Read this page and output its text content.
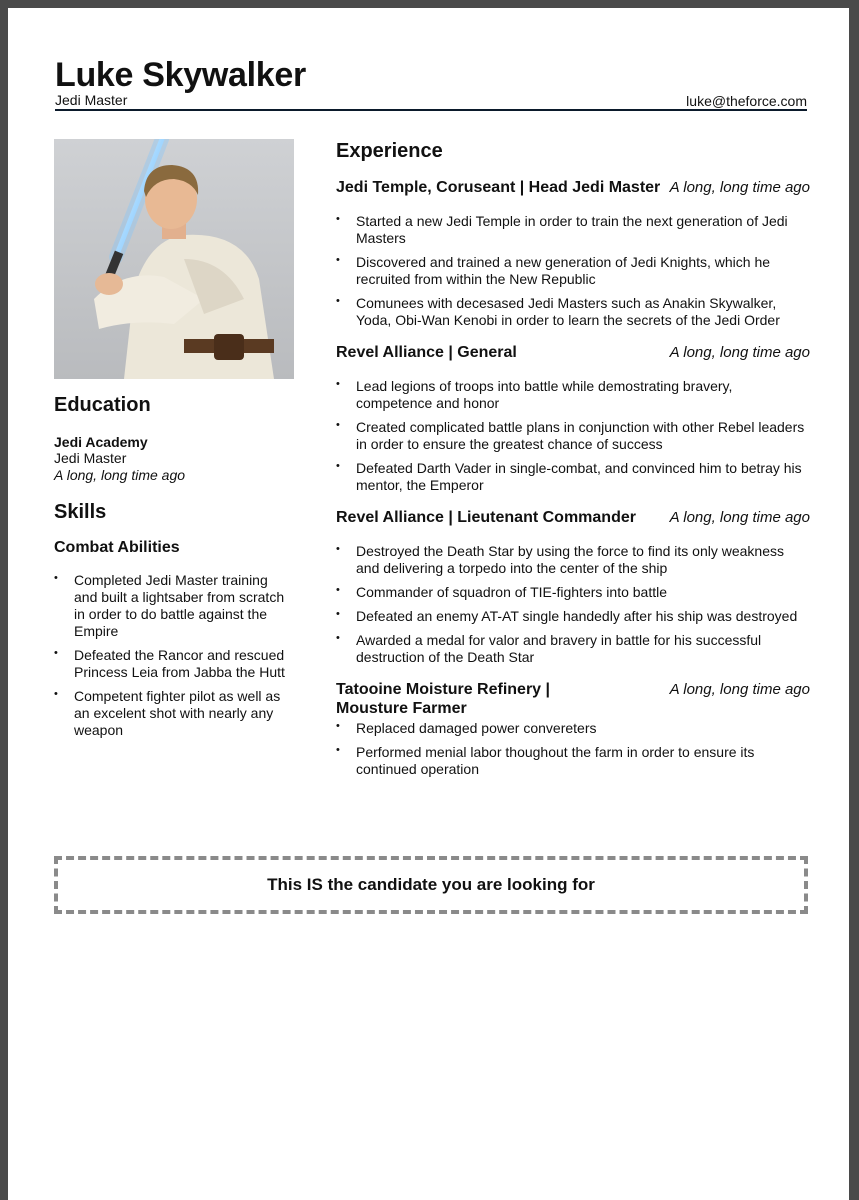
Luke Skywalker
Jedi Master	luke@theforce.com
Education
Jedi Academy
Jedi Master
A long, long time ago
Skills
Combat Abilities
• Completed Jedi Master training and built a lightsaber from scratch in order to do battle against the Empire
• Defeated the Rancor and rescued Princess Leia from Jabba the Hutt
• Competent fighter pilot as well as an excelent shot with nearly any weapon
Experience
Jedi Temple, Coruseant | Head Jedi Master A long, long time ago
• Started a new Jedi Temple in order to train the next generation of Jedi Masters
• Discovered and trained a new generation of Jedi Knights, which he recruited from within the New Republic
• Comunees with decesased Jedi Masters such as Anakin Skywalker, Yoda, Obi-Wan Kenobi in order to learn the secrets of the Jedi Order
Revel Alliance | General	A long, long time ago
• Lead legions of troops into battle while demostrating bravery, competence and honor
• Created complicated battle plans in conjunction with other Rebel leaders in order to ensure the greatest chance of success
• Defeated Darth Vader in single-combat, and convinced him to betray his mentor, the Emperor
Revel Alliance | Lieutenant Commander A long, long time ago
• Destroyed the Death Star by using the force to find its only weakness and delivering a torpedo into the center of the ship
• Commander of squadron of TIE-fighters into battle
• Defeated an enemy AT-AT single handedly after his ship was destroyed
• Awarded a medal for valor and bravery in battle for his successful destruction of the Death Star
Tatooine Moisture Refinery | Mousture Farmer
A long, long time ago
• Replaced damaged power convereters
• Performed menial labor thoughout the farm in order to ensure its continued operation
This IS the candidate you are looking for
